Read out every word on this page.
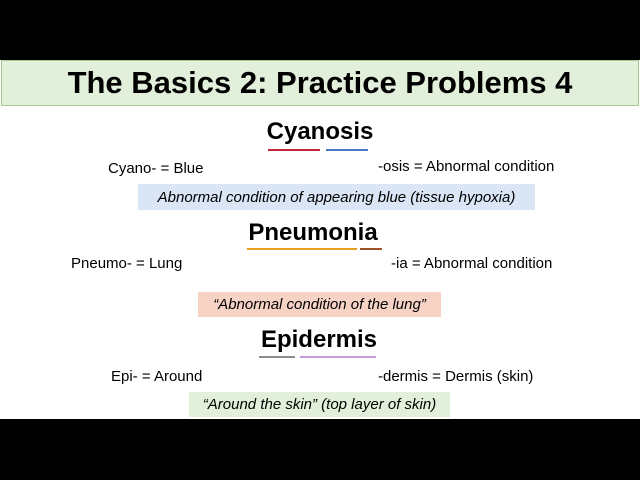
The Basics 2: Practice Problems 4
Cyanosis
Cyano- = Blue	-osis = Abnormal condition
Abnormal condition of appearing blue (tissue hypoxia)
Pneumonia
Pneumo- = Lung	-ia = Abnormal condition
“Abnormal condition of the lung”
Epidermis
Epi- = Around	-dermis = Dermis (skin)
“Around the skin” (top layer of skin)
